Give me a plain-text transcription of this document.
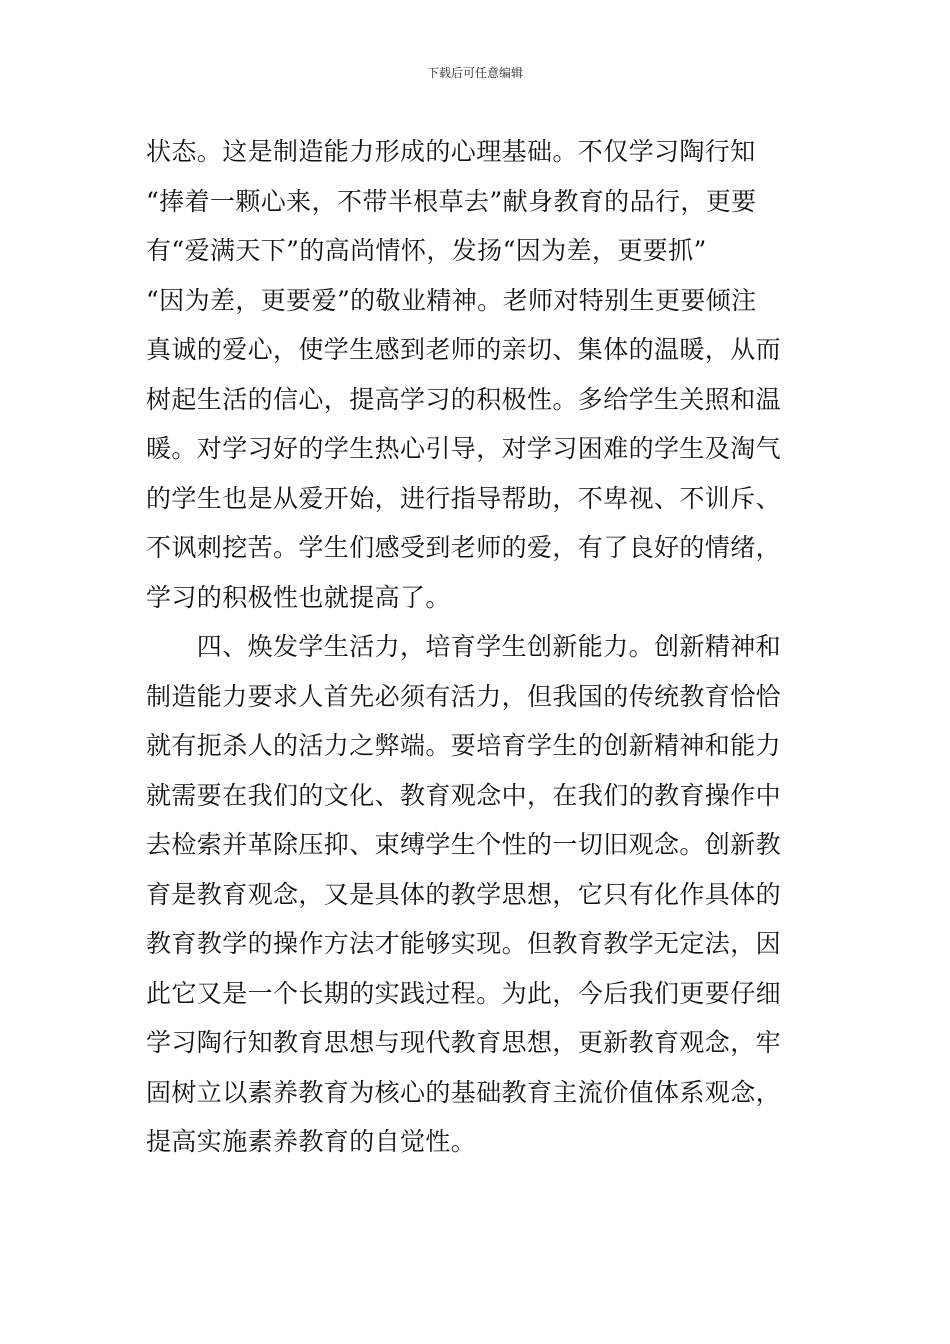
下载后可任意编辑
状态。这是制造能力形成的心理基础。不仅学习陶行知
“捧着一颗心来，不带半根草去”献身教育的品行，更要
有“爱满天下”的高尚情怀，发扬“因为差，更要抓”
“因为差，更要爱”的敬业精神。老师对特别生更要倾注
真诚的爱心，使学生感到老师的亲切、集体的温暖，从而
树起生活的信心，提高学习的积极性。多给学生关照和温
暖。对学习好的学生热心引导，对学习困难的学生及淘气
的学生也是从爱开始，进行指导帮助，不卑视、不训斥、
不讽刺挖苦。学生们感受到老师的爱，有了良好的情绪，
学习的积极性也就提高了。
　　四、焕发学生活力，培育学生创新能力。创新精神和
制造能力要求人首先必须有活力，但我国的传统教育恰恰
就有扼杀人的活力之弊端。要培育学生的创新精神和能力
就需要在我们的文化、教育观念中，在我们的教育操作中
去检索并革除压抑、束缚学生个性的一切旧观念。创新教
育是教育观念，又是具体的教学思想，它只有化作具体的
教育教学的操作方法才能够实现。但教育教学无定法，因
此它又是一个长期的实践过程。为此，今后我们更要仔细
学习陶行知教育思想与现代教育思想，更新教育观念，牢
固树立以素养教育为核心的基础教育主流价值体系观念，
提高实施素养教育的自觉性。
